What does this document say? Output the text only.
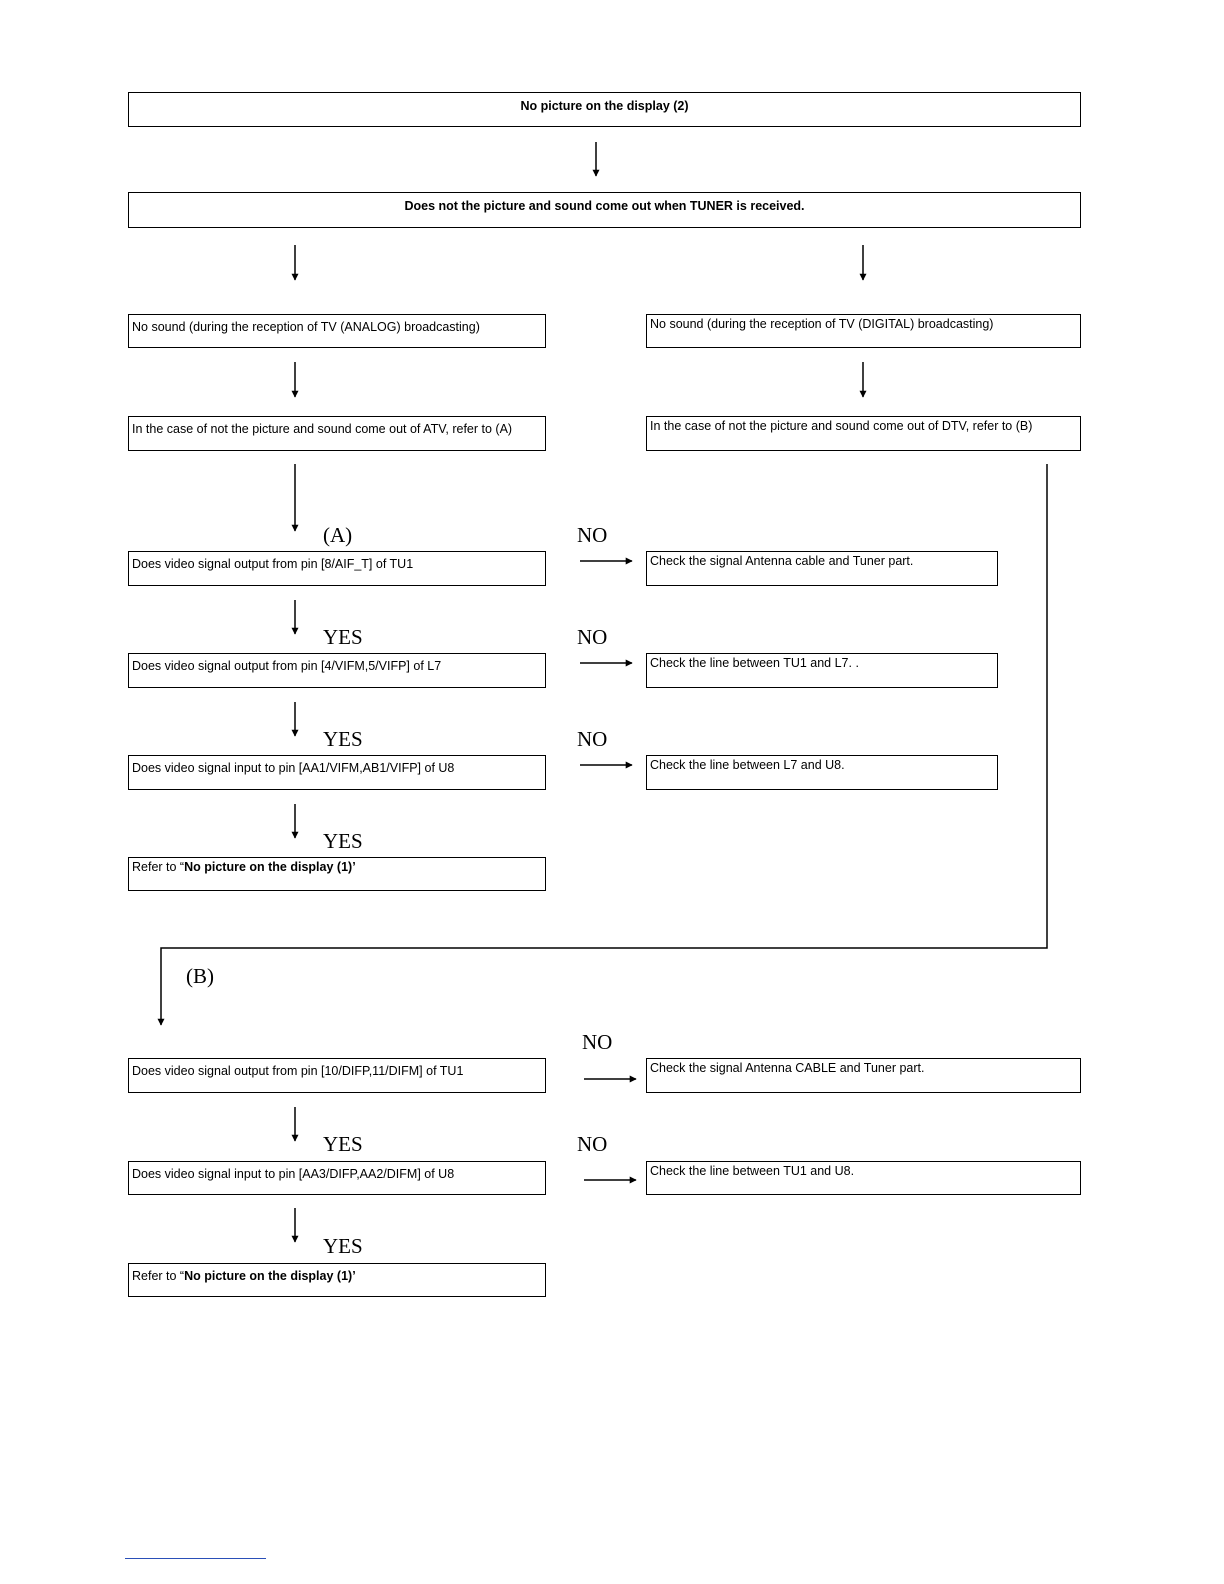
No picture on the display (2)
Does not the picture and sound come out when TUNER is received.
No sound (during the reception of TV (ANALOG) broadcasting)	No sound (during the reception of TV (DIGITAL) broadcasting)
In the case of not the picture and sound come out of ATV, refer to (A)	In the case of not the picture and sound come out of DTV, refer to (B)
(A)	NO
Does video signal output from pin [8/AIF_T] of TU1	Check the signal Antenna cable and Tuner part.
YES	NO
Does video signal output from pin [4/VIFM,5/VIFP] of L7	Check the line between TU1 and L7. .
YES	NO
Does video signal input to pin [AA1/VIFM,AB1/VIFP] of U8	Check the line between L7 and U8.
YES
Refer to “No picture on the display (1)’
(B)
NO
Does video signal output from pin [10/DIFP,11/DIFM] of TU1	Check the signal Antenna CABLE and Tuner part.
YES	NO
Does video signal input to pin [AA3/DIFP,AA2/DIFM] of U8	Check the line between TU1 and U8.
YES
Refer to “No picture on the display (1)’
